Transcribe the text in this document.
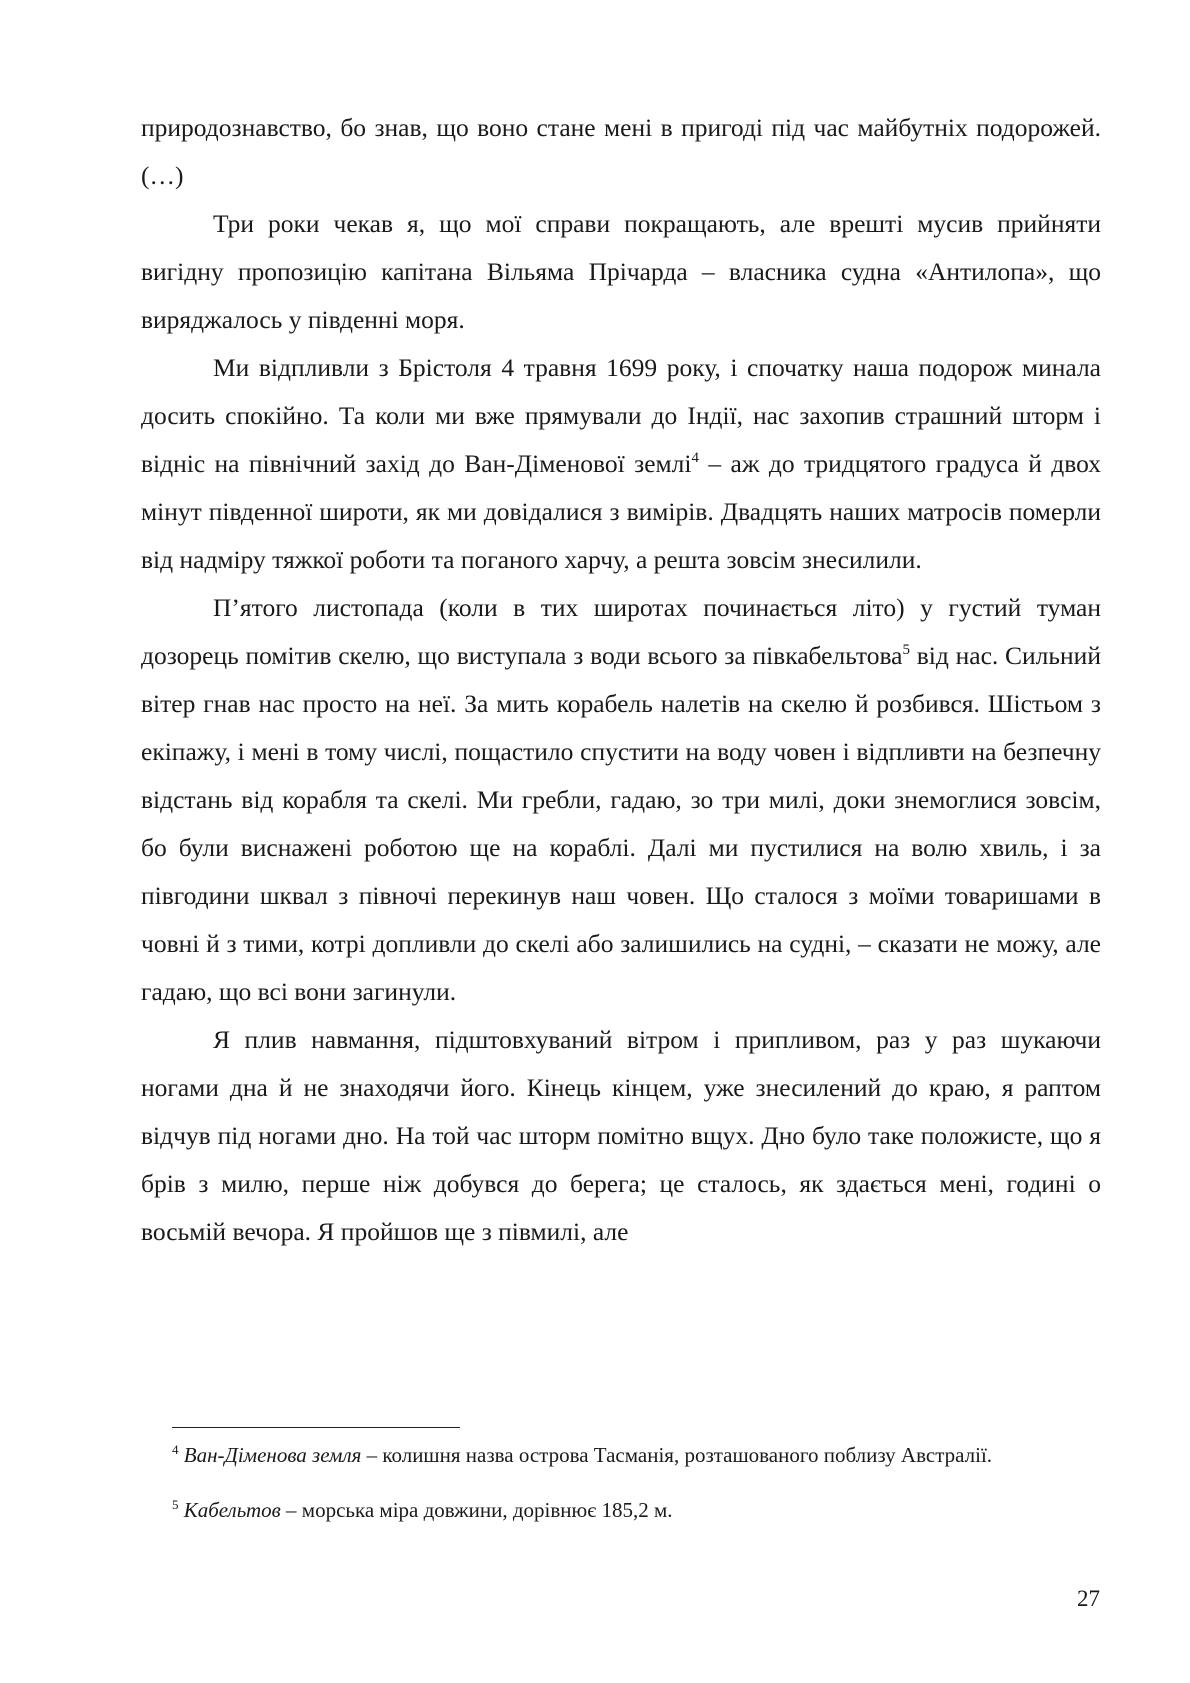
природознавство, бо знав, що воно стане мені в пригоді під час майбутніх подорожей. (…)

Три роки чекав я, що мої справи покращають, але врешті мусив прийняти вигідну пропозицію капітана Вільяма Прічарда – власника судна «Антилопа», що виряджалось у південні моря.

Ми відпливли з Брістоля 4 травня 1699 року, і спочатку наша подорож минала досить спокійно. Та коли ми вже прямували до Індії, нас захопив страшний шторм і відніс на північний захід до Ван-Діменової землі$^4$ – аж до тридцятого градуса й двох мінут південної широти, як ми довідалися з вимірів. Двадцять наших матросів померли від надміру тяжкої роботи та поганого харчу, а решта зовсім знесилили.

П’ятого листопада (коли в тих широтах починається літо) у густий туман дозорець помітив скелю, що виступала з води всього за півкабельтова$^5$ від нас. Сильний вітер гнав нас просто на неї. За мить корабель налетів на скелю й розбився. Шістьом з екіпажу, і мені в тому числі, пощастило спустити на воду човен і відпливти на безпечну відстань від корабля та скелі. Ми гребли, гадаю, зо три милі, доки знемоглися зовсім, бо були виснажені роботою ще на кораблі. Далі ми пустилися на волю хвиль, і за півгодини шквал з півночі перекинув наш човен. Що сталося з моїми товаришами в човні й з тими, котрі допливли до скелі або залишились на судні, – сказати не можу, але гадаю, що всі вони загинули.

Я плив навмання, підштовхуваний вітром і припливом, раз у раз шукаючи ногами дна й не знаходячи його. Кінець кінцем, уже знесилений до краю, я раптом відчув під ногами дно. На той час шторм помітно вщух. Дно було таке положисте, що я брів з милю, перше ніж добувся до берега; це сталось, як здається мені, годині о восьмій вечора. Я пройшов ще з півмилі, але

$^4$ Ван-Діменова земля – колишня назва острова Тасманія, розташованого поблизу Австралії.

$^5$ Кабельтов – морська міра довжини, дорівнює 185,2 м.

27
